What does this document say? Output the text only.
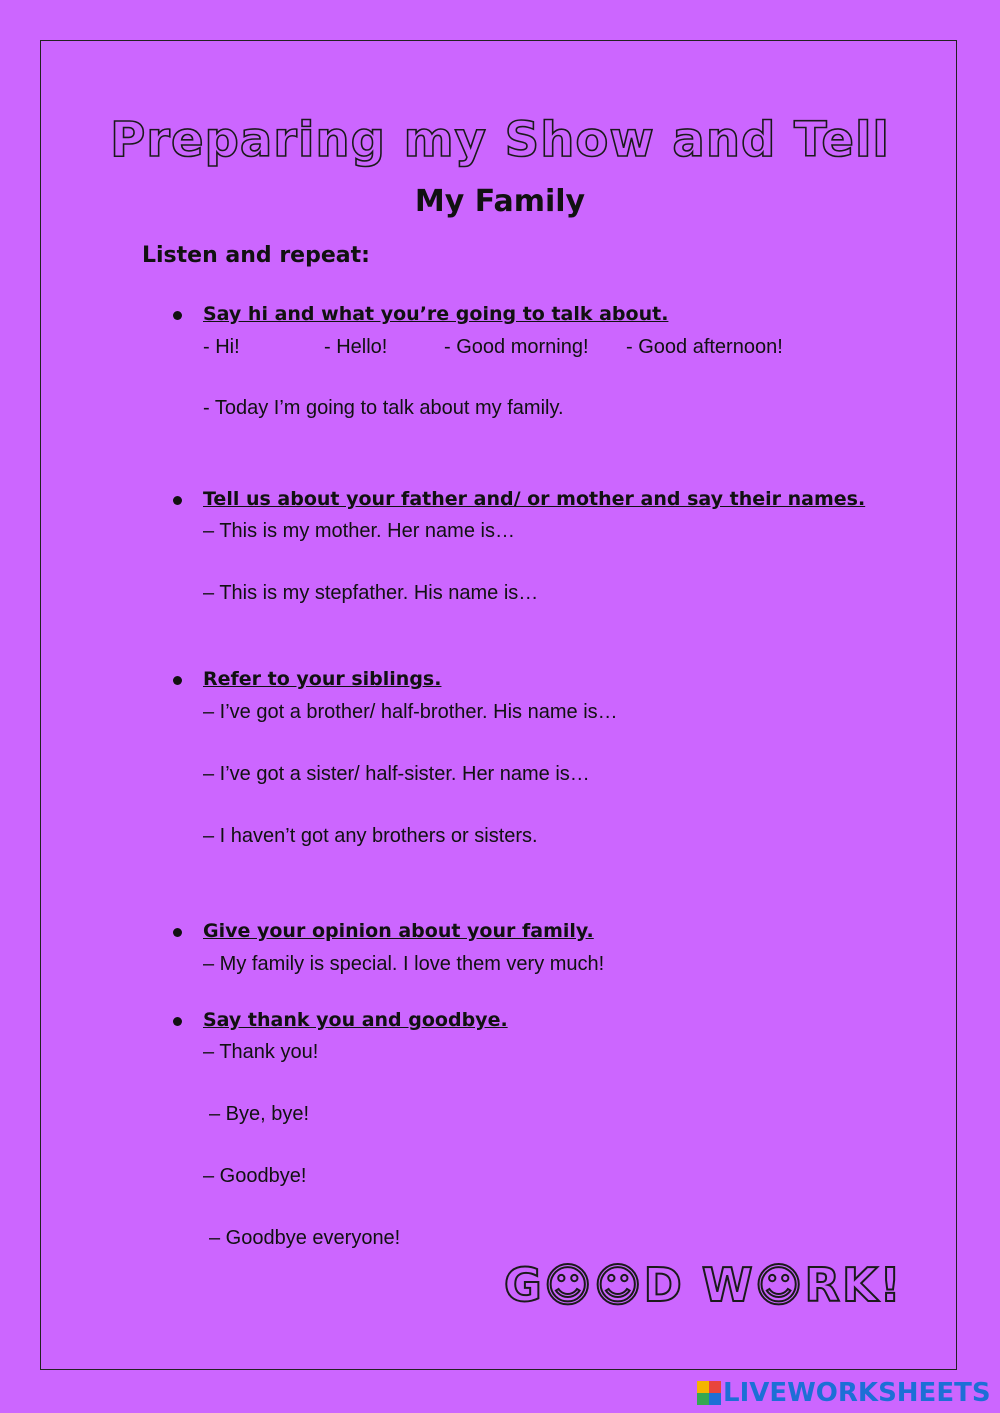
Preparing my Show and Tell
My Family
Listen and repeat:
Say hi and what you’re going to talk about.
- Hi!	- Hello!	- Good morning! - Good afternoon!
- Today I’m going to talk about my family.
Tell us about your father and/ or mother and say their names.
– This is my mother. Her name is…
– This is my stepfather. His name is…
Refer to your siblings.
– I’ve got a brother/ half-brother. His name is…
– I’ve got a sister/ half-sister. Her name is…
– I haven’t got any brothers or sisters.
Give your opinion about your family.
– My family is special. I love them very much!
Say thank you and goodbye.
– Thank you!
– Bye, bye!
– Goodbye!
– Goodbye everyone!
G☺☺D W☺RK!
LIVEWORKSHEETS
